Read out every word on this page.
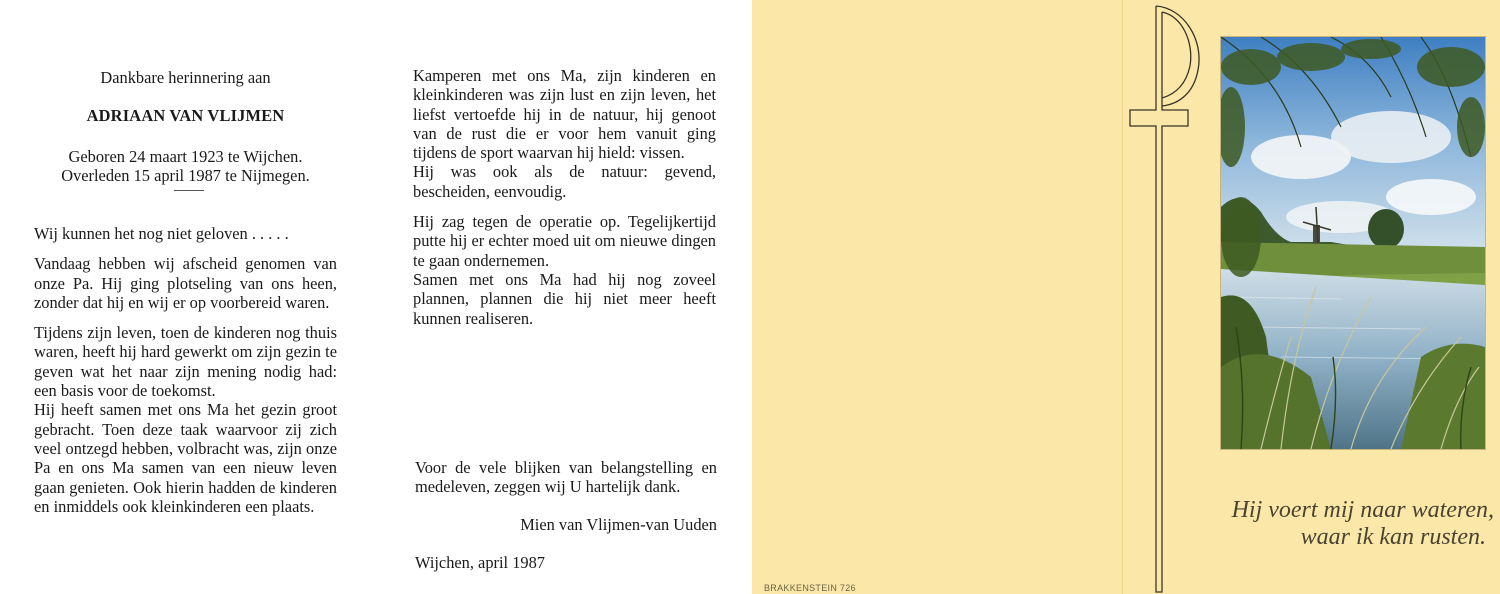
Dankbare herinnering aan
ADRIAAN VAN VLIJMEN
Geboren 24 maart 1923 te Wijchen.
Overleden 15 april 1987 te Nijmegen.

Wij kunnen het nog niet geloven . . . . .

Vandaag hebben wij afscheid genomen van onze Pa. Hij ging plotseling van ons heen, zonder dat hij en wij er op voorbereid waren.

Tijdens zijn leven, toen de kinderen nog thuis waren, heeft hij hard gewerkt om zijn gezin te geven wat het naar zijn mening nodig had: een basis voor de toekomst.

Hij heeft samen met ons Ma het gezin groot gebracht. Toen deze taak waarvoor zij zich veel ontzegd hebben, volbracht was, zijn onze Pa en ons Ma samen van een nieuw leven gaan genieten. Ook hierin hadden de kinderen en inmiddels ook kleinkinderen een plaats.

Kamperen met ons Ma, zijn kinderen en kleinkinderen was zijn lust en zijn leven, het liefst vertoefde hij in de natuur, hij genoot van de rust die er voor hem vanuit ging tijdens de sport waarvan hij hield: vissen.

Hij was ook als de natuur: gevend, bescheiden, eenvoudig.

Hij zag tegen de operatie op. Tegelijkertijd putte hij er echter moed uit om nieuwe dingen te gaan ondernemen.

Samen met ons Ma had hij nog zoveel plannen, plannen die hij niet meer heeft kunnen realiseren.

Voor de vele blijken van belangstelling en medeleven, zeggen wij U hartelijk dank.
Mien van Vlijmen-van Uuden
Wijchen, april 1987
BRAKKENSTEIN 726
Hij voert mij naar wateren,
waar ik kan rusten.
